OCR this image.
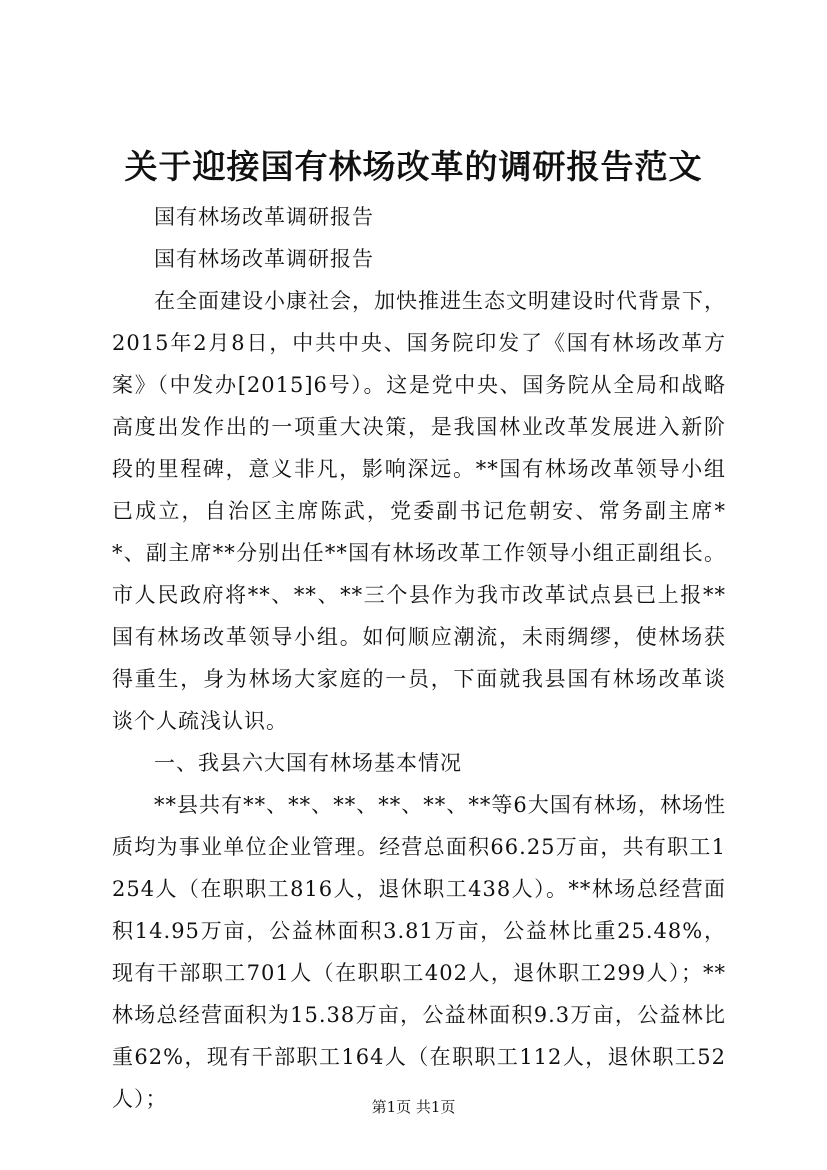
关于迎接国有林场改革的调研报告范文

国有林场改革调研报告

国有林场改革调研报告

在全面建设小康社会，加快推进生态文明建设时代背景下，2015年2月8日，中共中央、国务院印发了《国有林场改革方案》（中发办[2015]6号）。这是党中央、国务院从全局和战略高度出发作出的一项重大决策，是我国林业改革发展进入新阶段的里程碑，意义非凡，影响深远。**国有林场改革领导小组已成立，自治区主席陈武，党委副书记危朝安、常务副主席**、副主席**分别出任**国有林场改革工作领导小组正副组长。市人民政府将**、**、**三个县作为我市改革试点县已上报**国有林场改革领导小组。如何顺应潮流，未雨绸缪，使林场获得重生，身为林场大家庭的一员，下面就我县国有林场改革谈谈个人疏浅认识。

一、我县六大国有林场基本情况

**县共有**、**、**、**、**、**等6大国有林场，林场性质均为事业单位企业管理。经营总面积66.25万亩，共有职工1254人（在职职工816人，退休职工438人）。**林场总经营面积14.95万亩，公益林面积3.81万亩，公益林比重25.48%，现有干部职工701人（在职职工402人，退休职工299人）；**林场总经营面积为15.38万亩，公益林面积9.3万亩，公益林比重62%，现有干部职工164人（在职职工112人，退休职工52人）；	第1页 共1页
